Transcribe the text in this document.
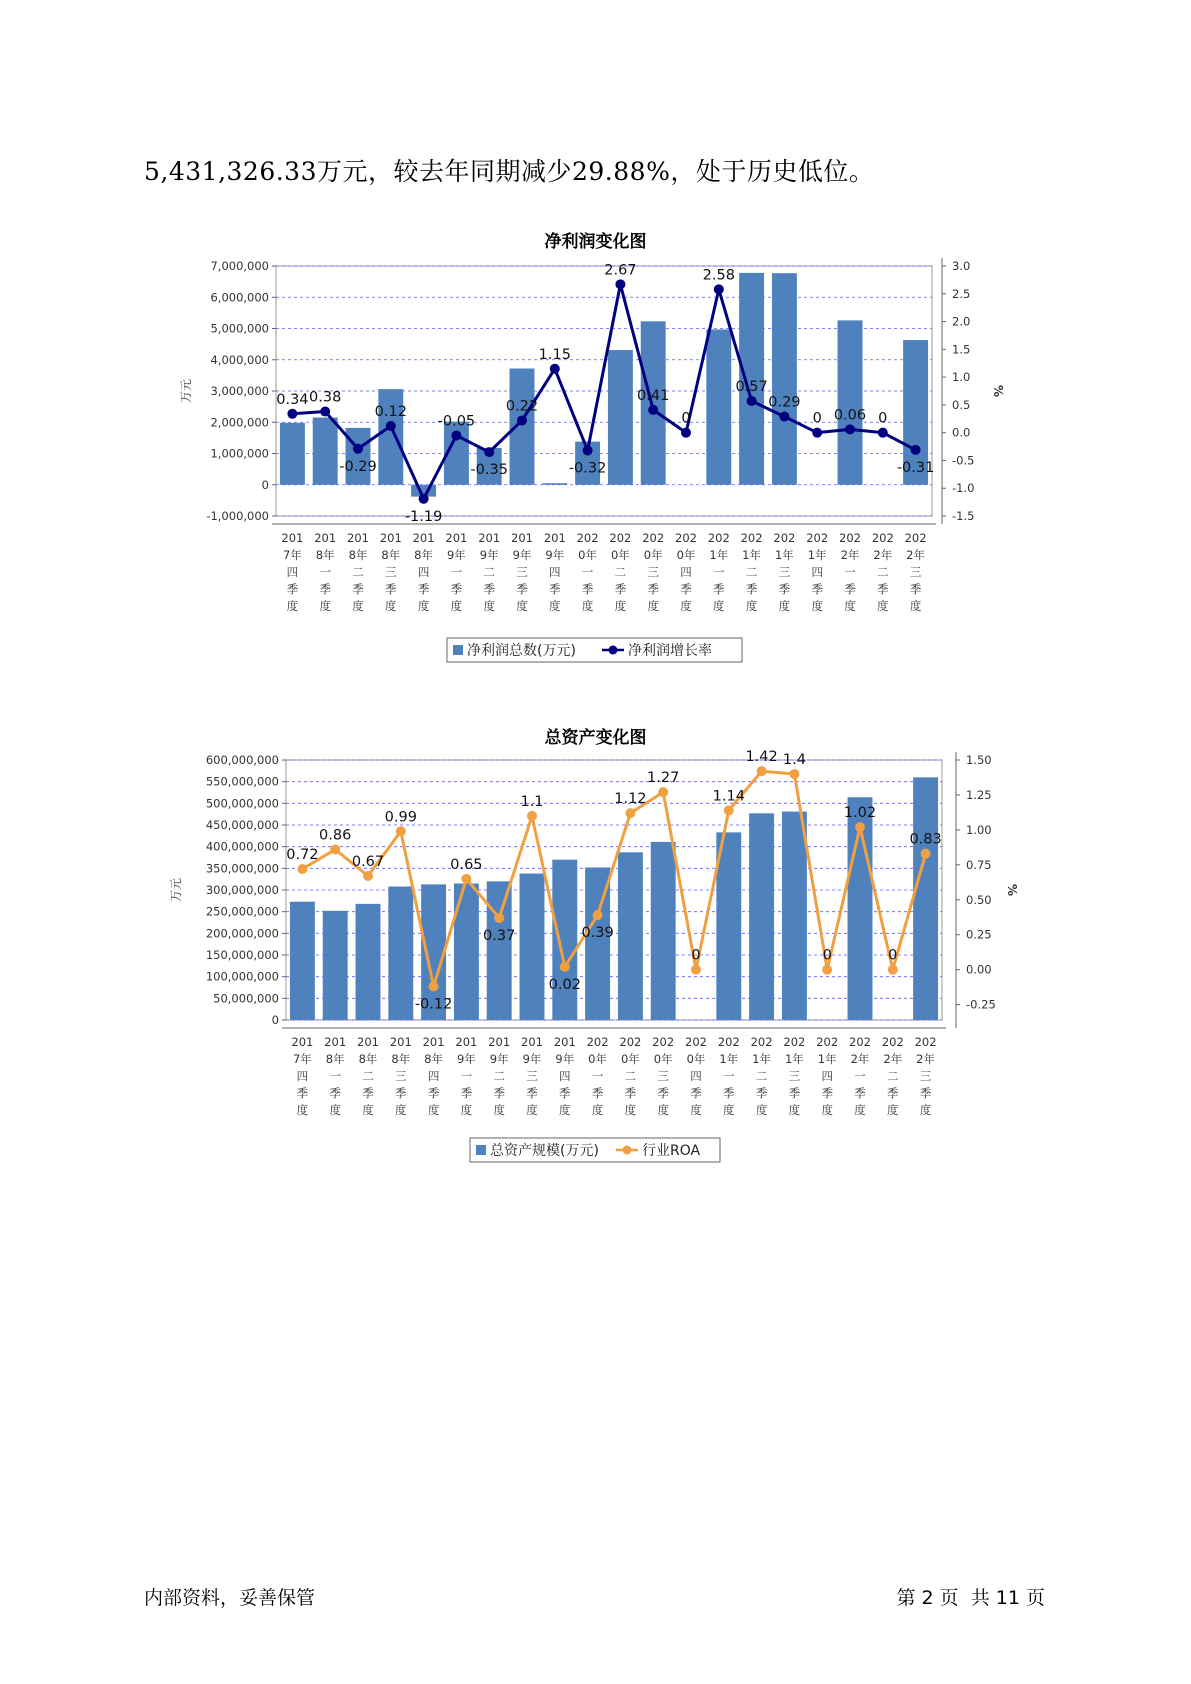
5,431,326.33万元，较去年同期减少29.88%，处于历史低位。
净利润变化图
7,000,000
6,000,000
5,000,000
4,000,000
3,000,000
2,000,000
1,000,000
0
-1,000,000
3.0
2.5
2.0
1.5
1.0
0.5
0.0
-0.5
-1.0
-1.5
万元	%
201 7年四季度
201 8年一季度
201 8年二季度
201 8年三季度
201 8年四季度
201 9年一季度
201 9年二季度
201 9年三季度
201 9年四季度
202 0年一季度
202 0年二季度
202 0年三季度
202 0年四季度
202 1年一季度
202 1年二季度
202 1年三季度
202 1年四季度
202 2年一季度
202 2年二季度
202 2年三季度
0.34 0.38
-0.29
0.12
-1.19
-0.05
-0.35
0.22
1.15
-0.32
2.67
0.41
0
2.58
0.57
0.29
0 0.06 0
-0.31
净利润总数(万元)	净利润增长率
总资产变化图
600,000,000
550,000,000
500,000,000
450,000,000
400,000,000
350,000,000
300,000,000
250,000,000
200,000,000
150,000,000
100,000,000
50,000,000
0
1.50
1.25
1.00
0.75
0.50
0.25
0.00
-0.25
万元	%
201 7年四季度
201 8年一季度
201 8年二季度
201 8年三季度
201 8年四季度
201 9年一季度
201 9年二季度
201 9年三季度
201 9年四季度
202 0年一季度
202 0年二季度
202 0年三季度
202 0年四季度
202 1年一季度
202 1年二季度
202 1年三季度
202 1年四季度
202 2年一季度
202 2年二季度
202 2年三季度
0.72
0.86
0.67
0.99
-0.12
0.65
0.37
1.1
0.02
0.39
1.12
1.27
0
1.14
1.42 1.4
0
1.02
0
0.83
总资产规模(万元)	行业ROA
内部资料，妥善保管	第 2 页  共 11 页
